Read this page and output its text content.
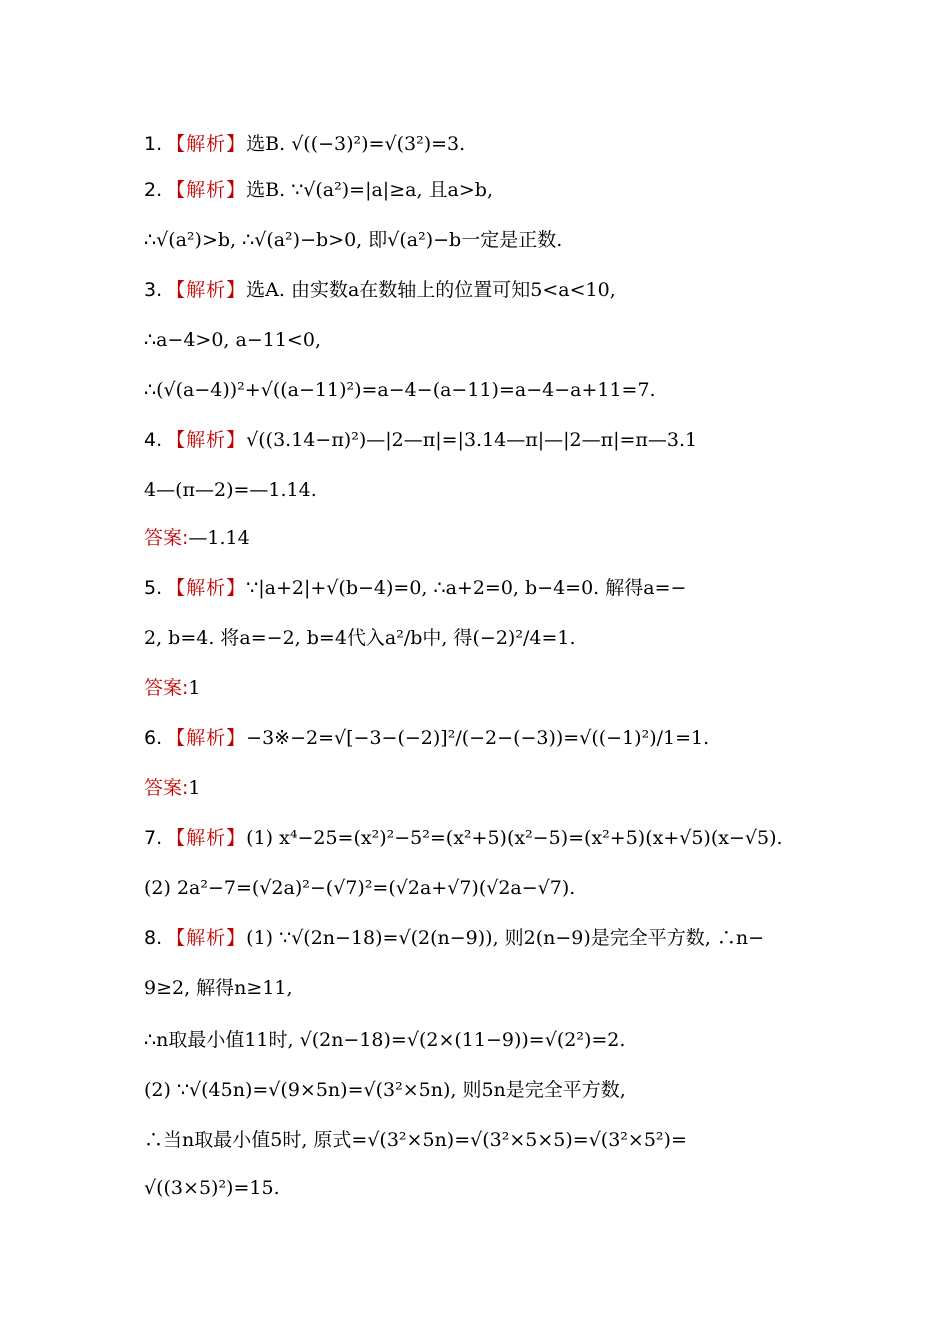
1. 【解析】选B. √((−3)²)=√(3²)=3.
2. 【解析】选B. ∵√(a²)=|a|≥a, 且a>b,
∴√(a²)>b, ∴√(a²)−b>0, 即√(a²)−b一定是正数.
3. 【解析】选A. 由实数a在数轴上的位置可知5<a<10,
∴a−4>0, a−11<0,
∴(√(a−4))²+√((a−11)²)=a−4−(a−11)=a−4−a+11=7.
4. 【解析】√((3.14−π)²)—|2—π|=|3.14—π|—|2—π|=π—3.1
4—(π—2)=—1.14.
答案:—1.14
5. 【解析】∵|a+2|+√(b−4)=0, ∴a+2=0, b−4=0. 解得a=−
2, b=4. 将a=−2, b=4代入a²/b中, 得(−2)²/4=1.
答案:1
6. 【解析】−3※−2=√[−3−(−2)]²/(−2−(−3))=√((−1)²)/1=1.
答案:1
7. 【解析】(1) x⁴−25=(x²)²−5²=(x²+5)(x²−5)=(x²+5)(x+√5)(x−√5).
(2) 2a²−7=(√2a)²−(√7)²=(√2a+√7)(√2a−√7).
8. 【解析】(1) ∵√(2n−18)=√(2(n−9)), 则2(n−9)是完全平方数, ∴n−
9≥2, 解得n≥11,
∴n取最小值11时, √(2n−18)=√(2×(11−9))=√(2²)=2.
(2) ∵√(45n)=√(9×5n)=√(3²×5n), 则5n是完全平方数,
∴当n取最小值5时, 原式=√(3²×5n)=√(3²×5×5)=√(3²×5²)=
√((3×5)²)=15.
